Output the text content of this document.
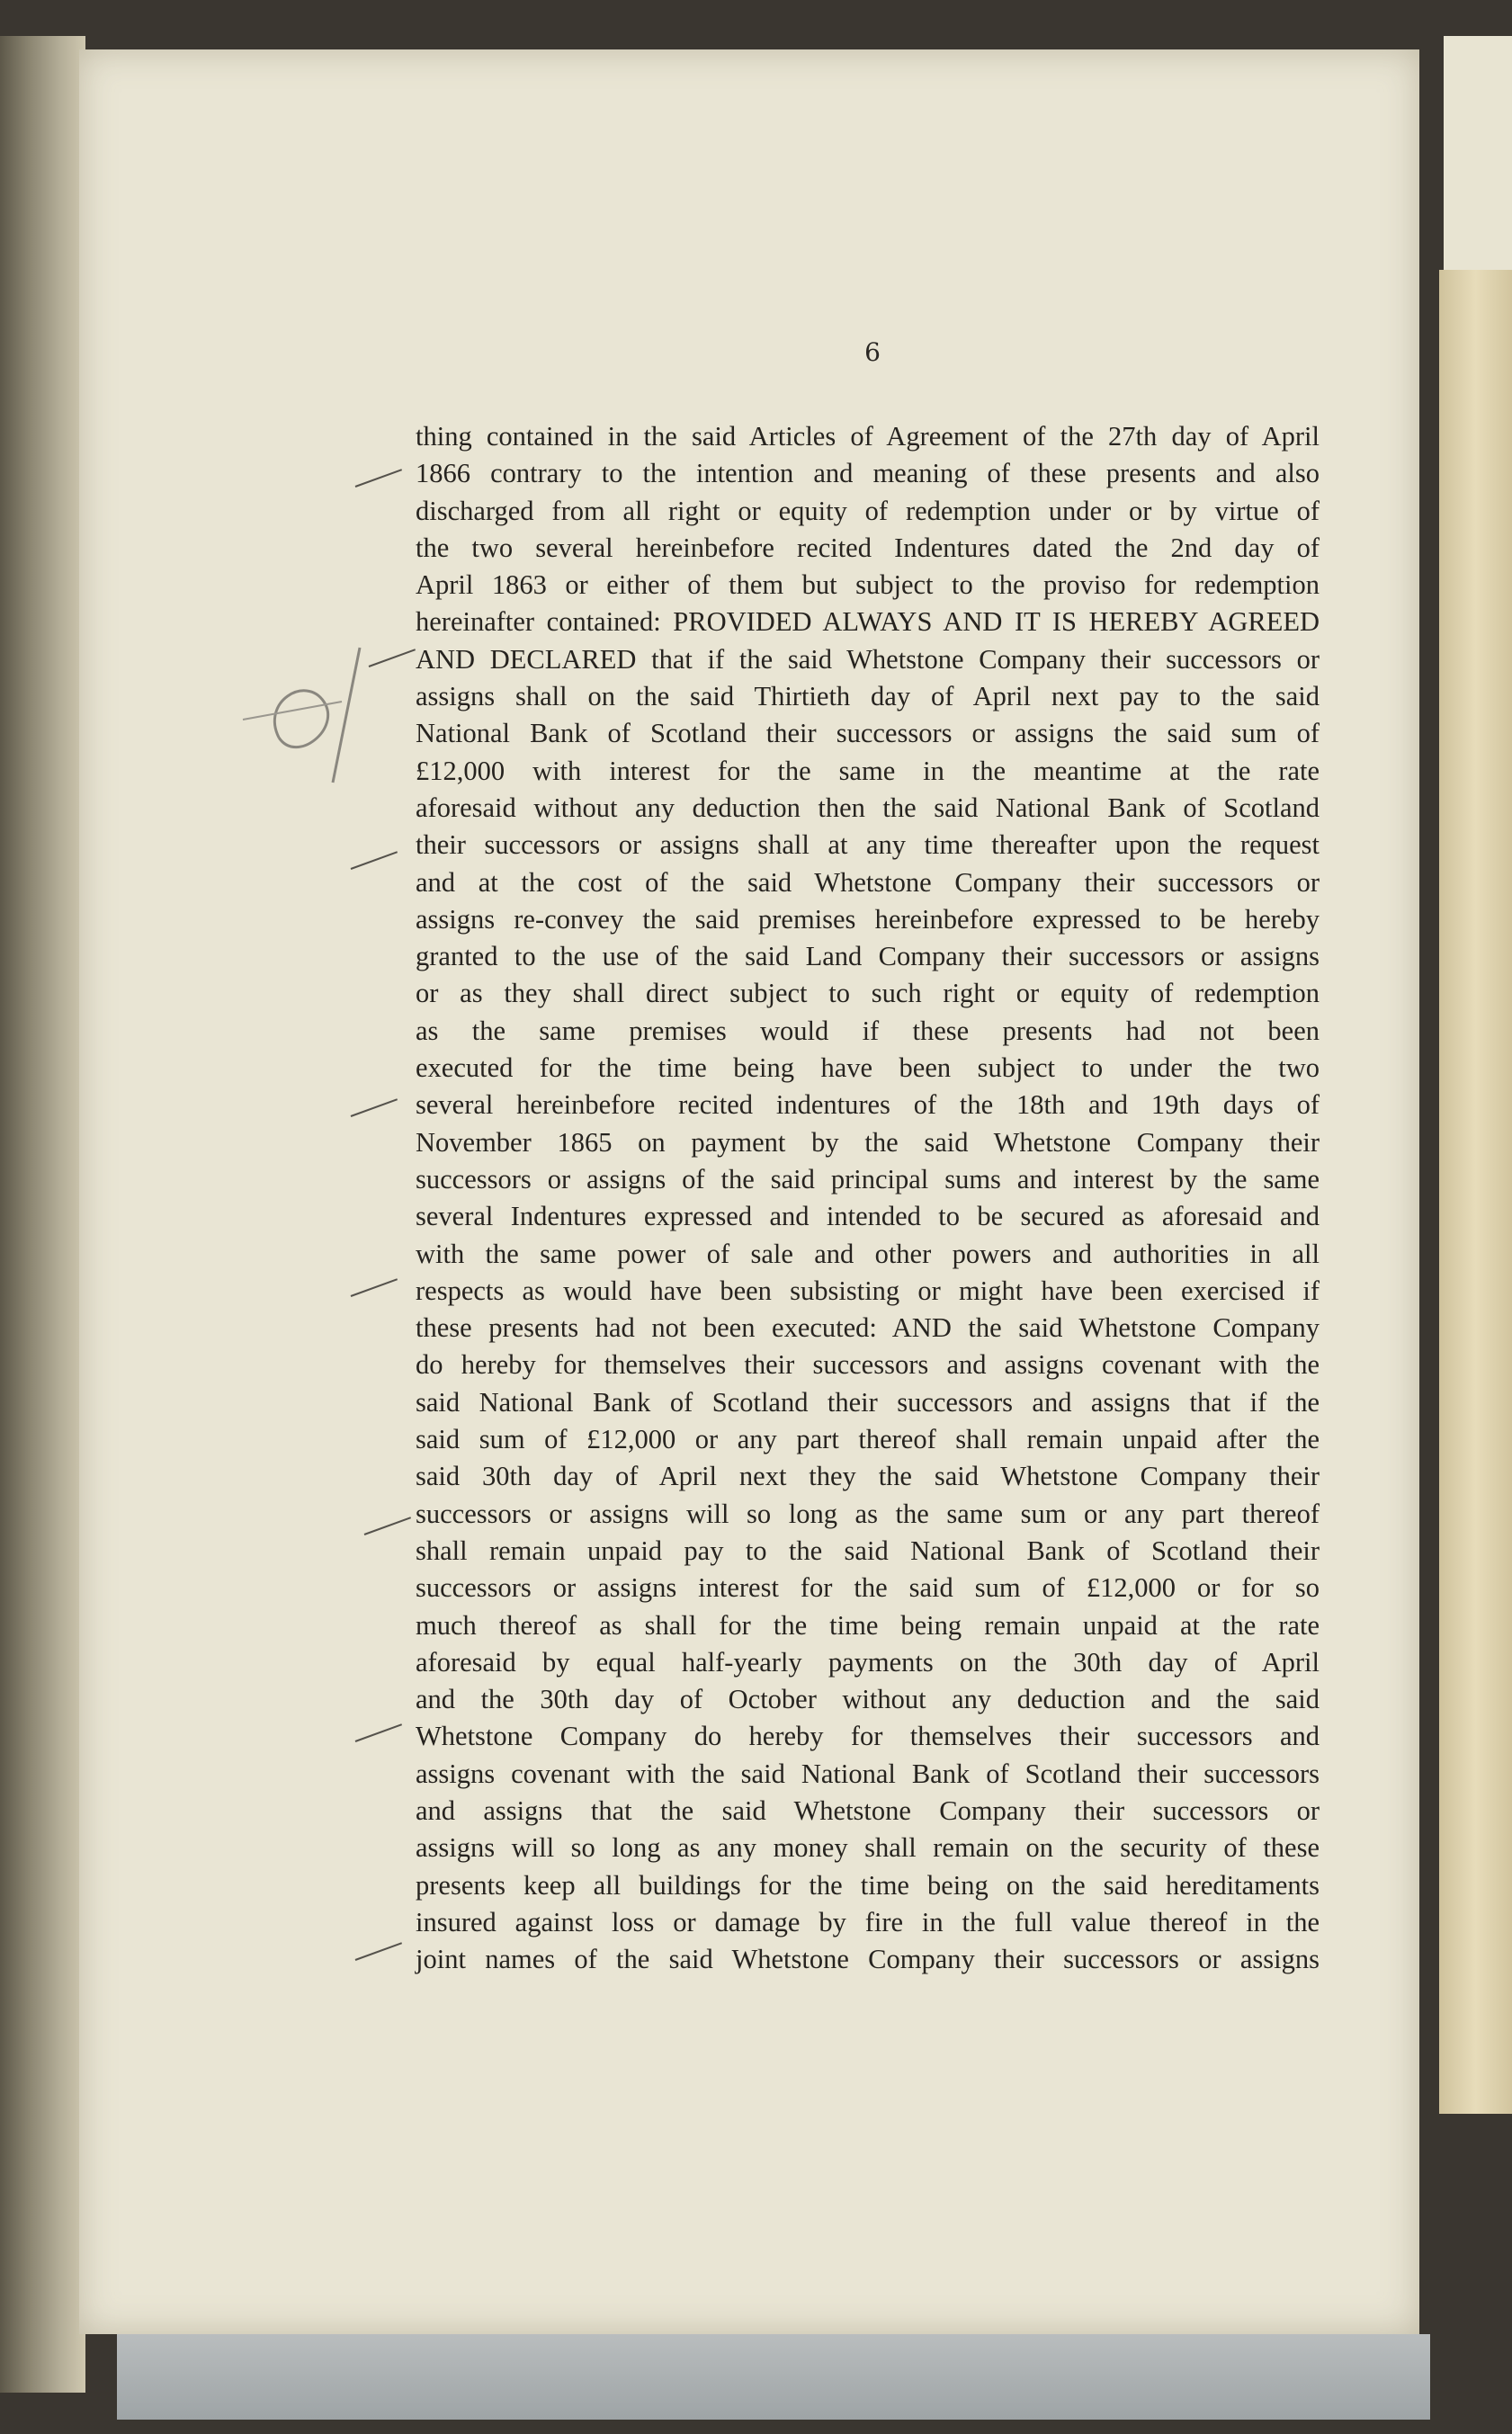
6
thing contained in the said Articles of Agreement of the 27th day of April
1866 contrary to the intention and meaning of these presents and also
discharged from all right or equity of redemption under or by virtue of
the two several hereinbefore recited Indentures dated the 2nd day of
April 1863 or either of them but subject to the proviso for redemption
hereinafter contained: PROVIDED ALWAYS AND IT IS HEREBY AGREED
AND DECLARED that if the said Whetstone Company their successors or
assigns shall on the said Thirtieth day of April next pay to the said
National Bank of Scotland their successors or assigns the said sum of
£12,000 with interest for the same in the meantime at the rate
aforesaid without any deduction then the said National Bank of Scotland
their successors or assigns shall at any time thereafter upon the request
and at the cost of the said Whetstone Company their successors or
assigns re-convey the said premises hereinbefore expressed to be hereby
granted to the use of the said Land Company their successors or assigns
or as they shall direct subject to such right or equity of redemption
as the same premises would if these presents had not been
executed for the time being have been subject to under the two
several hereinbefore recited indentures of the 18th and 19th days of
November 1865 on payment by the said Whetstone Company their
successors or assigns of the said principal sums and interest by the same
several Indentures expressed and intended to be secured as aforesaid and
with the same power of sale and other powers and authorities in all
respects as would have been subsisting or might have been exercised if
these presents had not been executed: AND the said Whetstone Company
do hereby for themselves their successors and assigns covenant with the
said National Bank of Scotland their successors and assigns that if the
said sum of £12,000 or any part thereof shall remain unpaid after the
said 30th day of April next they the said Whetstone Company their
successors or assigns will so long as the same sum or any part thereof
shall remain unpaid pay to the said National Bank of Scotland their
successors or assigns interest for the said sum of £12,000 or for so
much thereof as shall for the time being remain unpaid at the rate
aforesaid by equal half-yearly payments on the 30th day of April
and the 30th day of October without any deduction and the said
Whetstone Company do hereby for themselves their successors and
assigns covenant with the said National Bank of Scotland their successors
and assigns that the said Whetstone Company their successors or
assigns will so long as any money shall remain on the security of these
presents keep all buildings for the time being on the said hereditaments
insured against loss or damage by fire in the full value thereof in the
joint names of the said Whetstone Company their successors or assigns
